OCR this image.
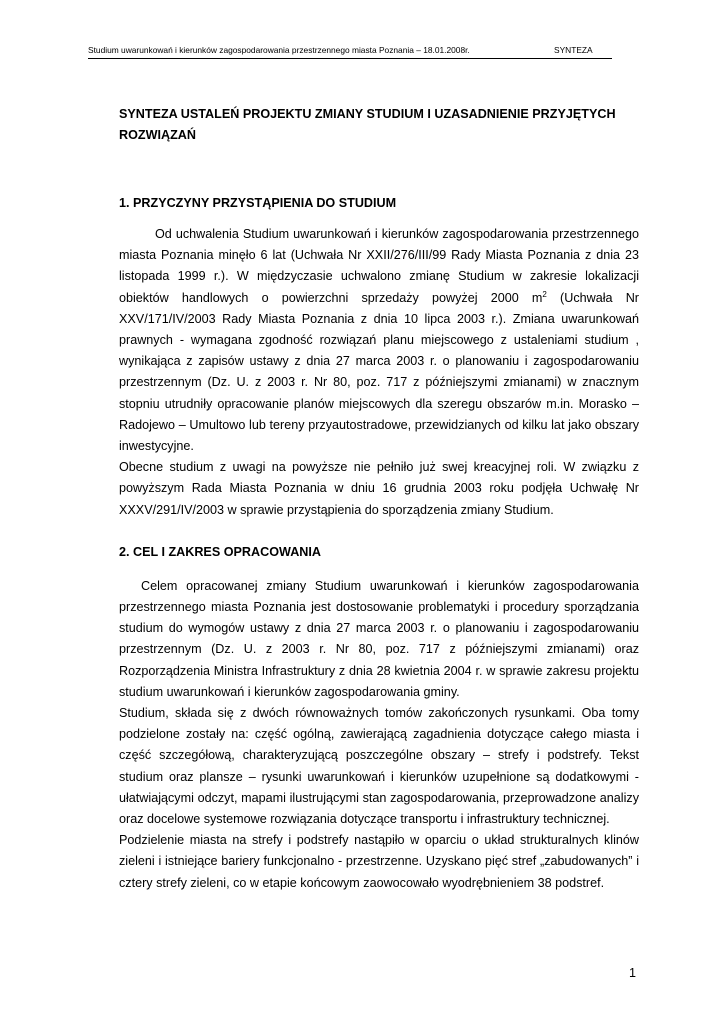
Studium uwarunkowań i kierunków zagospodarowania przestrzennego miasta Poznania – 18.01.2008r.	SYNTEZA
SYNTEZA USTALEŃ PROJEKTU ZMIANY STUDIUM I UZASADNIENIE PRZYJĘTYCH
ROZWIĄZAŃ
1. PRZYCZYNY PRZYSTĄPIENIA DO STUDIUM

Od uchwalenia Studium uwarunkowań i kierunków zagospodarowania przestrzennego miasta Poznania minęło 6 lat (Uchwała Nr XXII/276/III/99 Rady Miasta Poznania z dnia 23 listopada 1999 r.). W międzyczasie uchwalono zmianę Studium w zakresie lokalizacji obiektów handlowych o powierzchni sprzedaży powyżej 2000 $m^2$ (Uchwała Nr XXV/171/IV/2003 Rady Miasta Poznania z dnia 10 lipca 2003 r.). Zmiana uwarunkowań prawnych - wymagana zgodność rozwiązań planu miejscowego z ustaleniami studium , wynikająca z zapisów ustawy z dnia 27 marca 2003 r. o planowaniu i zagospodarowaniu przestrzennym (Dz. U. z 2003 r. Nr 80, poz. 717 z późniejszymi zmianami) w znacznym stopniu utrudniły opracowanie planów miejscowych dla szeregu obszarów m.in. Morasko – Radojewo – Umultowo lub tereny przyautostradowe, przewidzianych od kilku lat jako obszary inwestycyjne.

Obecne studium z uwagi na powyższe nie pełniło już swej kreacyjnej roli. W związku z powyższym Rada Miasta Poznania w dniu 16 grudnia 2003 roku podjęła Uchwałę Nr XXXV/291/IV/2003 w sprawie przystąpienia do sporządzenia zmiany Studium.

2. CEL I ZAKRES OPRACOWANIA

Celem opracowanej zmiany Studium uwarunkowań i kierunków zagospodarowania przestrzennego miasta Poznania jest dostosowanie problematyki i procedury sporządzania studium do wymogów ustawy z dnia 27 marca 2003 r. o planowaniu i zagospodarowaniu przestrzennym (Dz. U. z 2003 r. Nr 80, poz. 717 z późniejszymi zmianami) oraz Rozporządzenia Ministra Infrastruktury z dnia 28 kwietnia 2004 r. w sprawie zakresu projektu studium uwarunkowań i kierunków zagospodarowania gminy.

Studium, składa się z dwóch równoważnych tomów zakończonych rysunkami. Oba tomy podzielone zostały na: część ogólną, zawierającą zagadnienia dotyczące całego miasta i część szczegółową, charakteryzującą poszczególne obszary – strefy i podstrefy. Tekst studium oraz plansze – rysunki uwarunkowań i kierunków uzupełnione są dodatkowymi - ułatwiającymi odczyt, mapami ilustrującymi stan zagospodarowania, przeprowadzone analizy oraz docelowe systemowe rozwiązania dotyczące transportu i infrastruktury technicznej.

Podzielenie miasta na strefy i podstrefy nastąpiło w oparciu o układ strukturalnych klinów zieleni i istniejące bariery funkcjonalno - przestrzenne. Uzyskano pięć stref „zabudowanych” i cztery strefy zieleni, co w etapie końcowym zaowocowało wyodrębnieniem 38 podstref.

1
